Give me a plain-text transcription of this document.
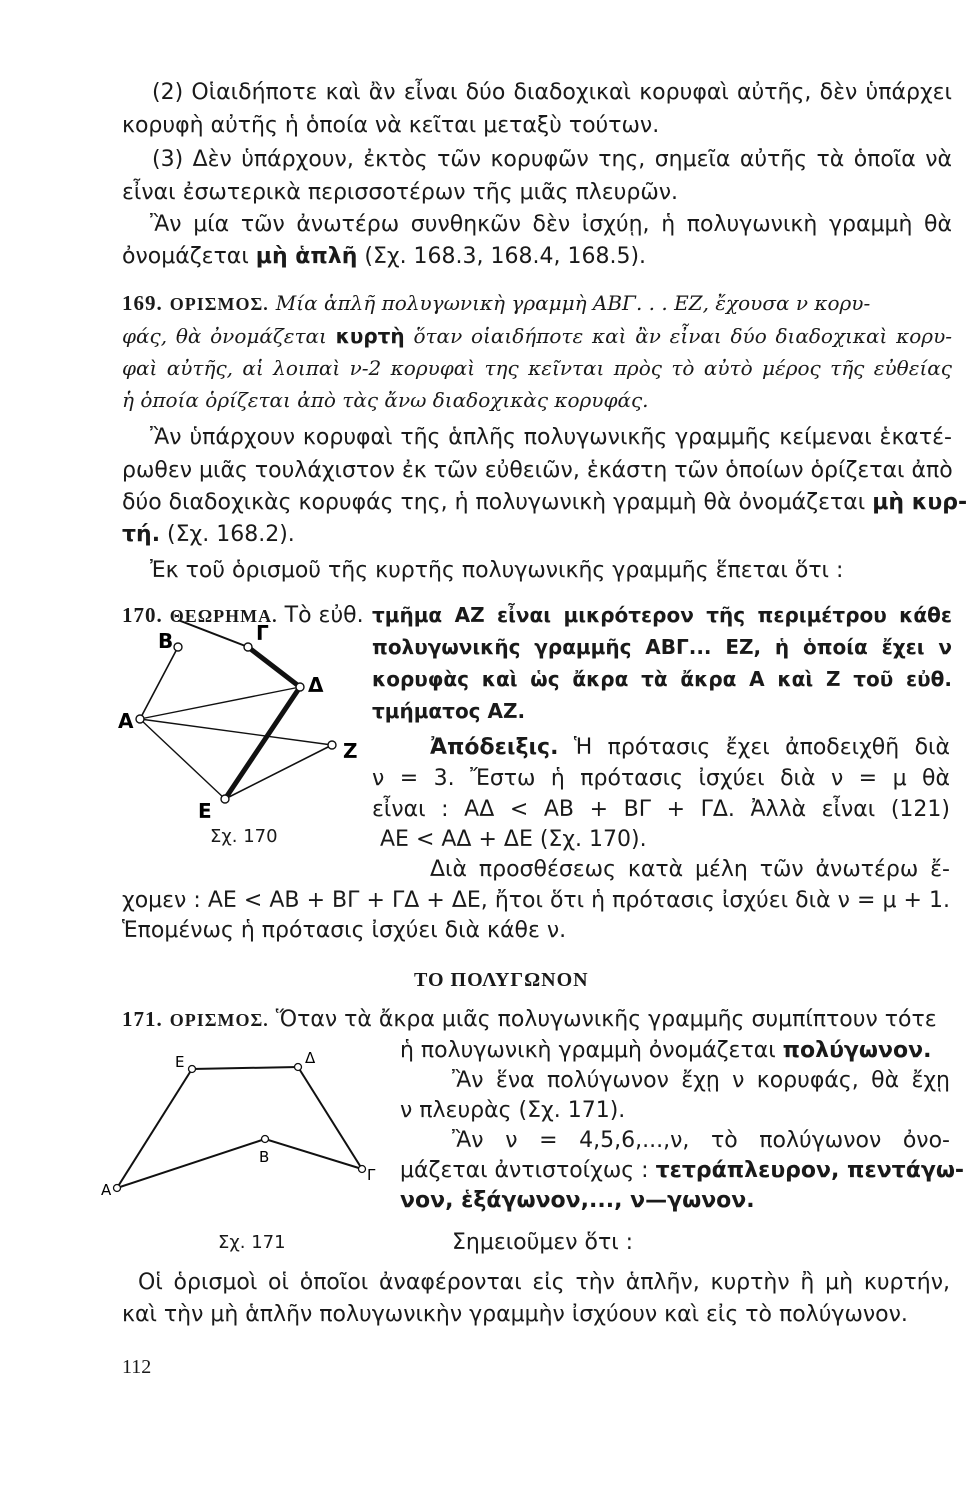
(2) Οἱαιδήποτε καὶ ἂν εἶναι δύο διαδοχικαὶ κορυφαὶ αὐτῆς, δὲν ὑπάρχει
κορυφὴ αὐτῆς ἡ ὁποία νὰ κεῖται μεταξὺ τούτων.
(3) Δὲν ὑπάρχουν, ἐκτὸς τῶν κορυφῶν της, σημεῖα αὐτῆς τὰ ὁποῖα νὰ
εἶναι ἐσωτερικὰ περισσοτέρων τῆς μιᾶς πλευρῶν.
Ἂν μία τῶν ἀνωτέρω συνθηκῶν δὲν ἰσχύῃ, ἡ πολυγωνικὴ γραμμὴ θὰ
ὀνομάζεται μὴ ἁπλῆ (Σχ. 168.3, 168.4, 168.5).
169. ΟΡΙΣΜΟΣ. Μία ἁπλῆ πολυγωνικὴ γραμμὴ ΑΒΓ. . . ΕΖ, ἔχουσα ν κορυ-
φάς, θὰ ὀνομάζεται κυρτὴ ὅταν οἱαιδήποτε καὶ ἂν εἶναι δύο διαδοχικαὶ κορυ-
φαὶ αὐτῆς, αἱ λοιπαὶ ν-2 κορυφαὶ της κεῖνται πρὸς τὸ αὐτὸ μέρος τῆς εὐθείας
ἡ ὁποία ὁρίζεται ἀπὸ τὰς ἄνω διαδοχικὰς κορυφάς.
Ἂν ὑπάρχουν κορυφαὶ τῆς ἁπλῆς πολυγωνικῆς γραμμῆς κείμεναι ἑκατέ-
ρωθεν μιᾶς τουλάχιστον ἐκ τῶν εὐθειῶν, ἑκάστη τῶν ὁποίων ὁρίζεται ἀπὸ
δύο διαδοχικὰς κορυφάς της, ἡ πολυγωνικὴ γραμμὴ θὰ ὀνομάζεται μὴ κυρ-
τή. (Σχ. 168.2).
Ἐκ τοῦ ὁρισμοῦ τῆς κυρτῆς πολυγωνικῆς γραμμῆς ἕπεται ὅτι :
170. ΘΕΩΡΗΜΑ. Τὸ εὐθ. τμῆμα ΑΖ εἶναι μικρότερον τῆς περιμέτρου κάθε
πολυγωνικῆς γραμμῆς ΑΒΓ... ΕΖ, ἡ ὁποία ἔχει ν
κορυφὰς καὶ ὡς ἄκρα τὰ ἄκρα Α καὶ Ζ τοῦ εὐθ.
τμήματος ΑΖ.
Β	Γ
Δ
Α
Ζ
Ε
Σχ. 170
Ἀπόδειξις. Ἡ πρότασις ἔχει ἀποδειχθῆ διὰ
ν = 3. Ἔστω ἡ πρότασις ἰσχύει διὰ ν = μ θὰ
εἶναι : ΑΔ < ΑΒ + ΒΓ + ΓΔ. Ἀλλὰ εἶναι (121)
ΑΕ < ΑΔ + ΔΕ (Σχ. 170).
Διὰ προσθέσεως κατὰ μέλη τῶν ἀνωτέρω ἔ-
χομεν : ΑΕ < ΑΒ + ΒΓ + ΓΔ + ΔΕ, ἤτοι ὅτι ἡ πρότασις ἰσχύει διὰ ν = μ + 1.
Ἑπομένως ἡ πρότασις ἰσχύει διὰ κάθε ν.
ΤΟ ΠΟΛΥΓΩΝΟΝ
171. ΟΡΙΣΜΟΣ. Ὅταν τὰ ἄκρα μιᾶς πολυγωνικῆς γραμμῆς συμπίπτουν τότε
ἡ πολυγωνικὴ γραμμὴ ὀνομάζεται πολύγωνον.
Ἂν ἕνα πολύγωνον ἔχῃ ν κορυφάς, θὰ ἔχῃ
ν πλευρὰς (Σχ. 171).
Ἂν ν = 4,5,6,...,ν, τὸ πολύγωνον ὀνο-
μάζεται ἀντιστοίχως : τετράπλευρον, πεντάγω-
νον, ἑξάγωνον,..., ν—γωνον.
Σημειοῦμεν ὅτι :
Ε	Δ
Α
Β
Γ
Σχ. 171
Οἱ ὁρισμοὶ οἱ ὁποῖοι ἀναφέρονται εἰς τὴν ἁπλῆν, κυρτὴν ἢ μὴ κυρτήν,
καὶ τὴν μὴ ἁπλῆν πολυγωνικὴν γραμμὴν ἰσχύουν καὶ εἰς τὸ πολύγωνον.
112
